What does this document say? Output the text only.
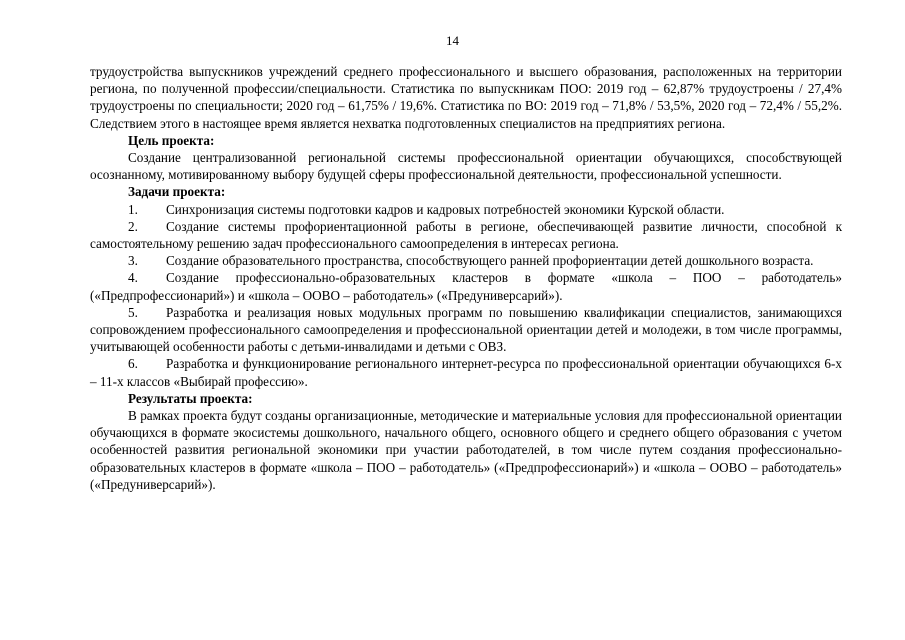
14

трудоустройства выпускников учреждений среднего профессионального и высшего образования, расположенных на территории региона, по полученной профессии/специальности. Статистика по выпускникам ПОО: 2019 год – 62,87% трудоустроены / 27,4% трудоустроены по специальности; 2020 год – 61,75% / 19,6%. Статистика по ВО: 2019 год – 71,8% / 53,5%, 2020 год – 72,4% / 55,2%. Следствием этого в настоящее время является нехватка подготовленных специалистов на предприятиях региона.

Цель проекта:

Создание централизованной региональной системы профессиональной ориентации обучающихся, способствующей осознанному, мотивированному выбору будущей сферы профессиональной деятельности, профессиональной успешности.

Задачи проекта:

1. Синхронизация системы подготовки кадров и кадровых потребностей экономики Курской области.

2. Создание системы профориентационной работы в регионе, обеспечивающей развитие личности, способной к самостоятельному решению задач профессионального самоопределения в интересах региона.

3. Создание образовательного пространства, способствующего ранней профориентации детей дошкольного возраста.

4. Создание профессионально-образовательных кластеров в формате «школа – ПОО – работодатель» («Предпрофессионарий») и «школа – ООВО – работодатель» («Предуниверсарий»).

5. Разработка и реализация новых модульных программ по повышению квалификации специалистов, занимающихся сопровождением профессионального самоопределения и профессиональной ориентации детей и молодежи, в том числе программы, учитывающей особенности работы с детьми-инвалидами и детьми с ОВЗ.

6. Разработка и функционирование регионального интернет-ресурса по профессиональной ориентации обучающихся 6-х – 11-х классов «Выбирай профессию».

Результаты проекта:

В рамках проекта будут созданы организационные, методические и материальные условия для профессиональной ориентации обучающихся в формате экосистемы дошкольного, начального общего, основного общего и среднего общего образования с учетом особенностей развития региональной экономики при участии работодателей, в том числе путем создания профессионально-образовательных кластеров в формате «школа – ПОО – работодатель» («Предпрофессионарий») и «школа – ООВО – работодатель» («Предуниверсарий»).
